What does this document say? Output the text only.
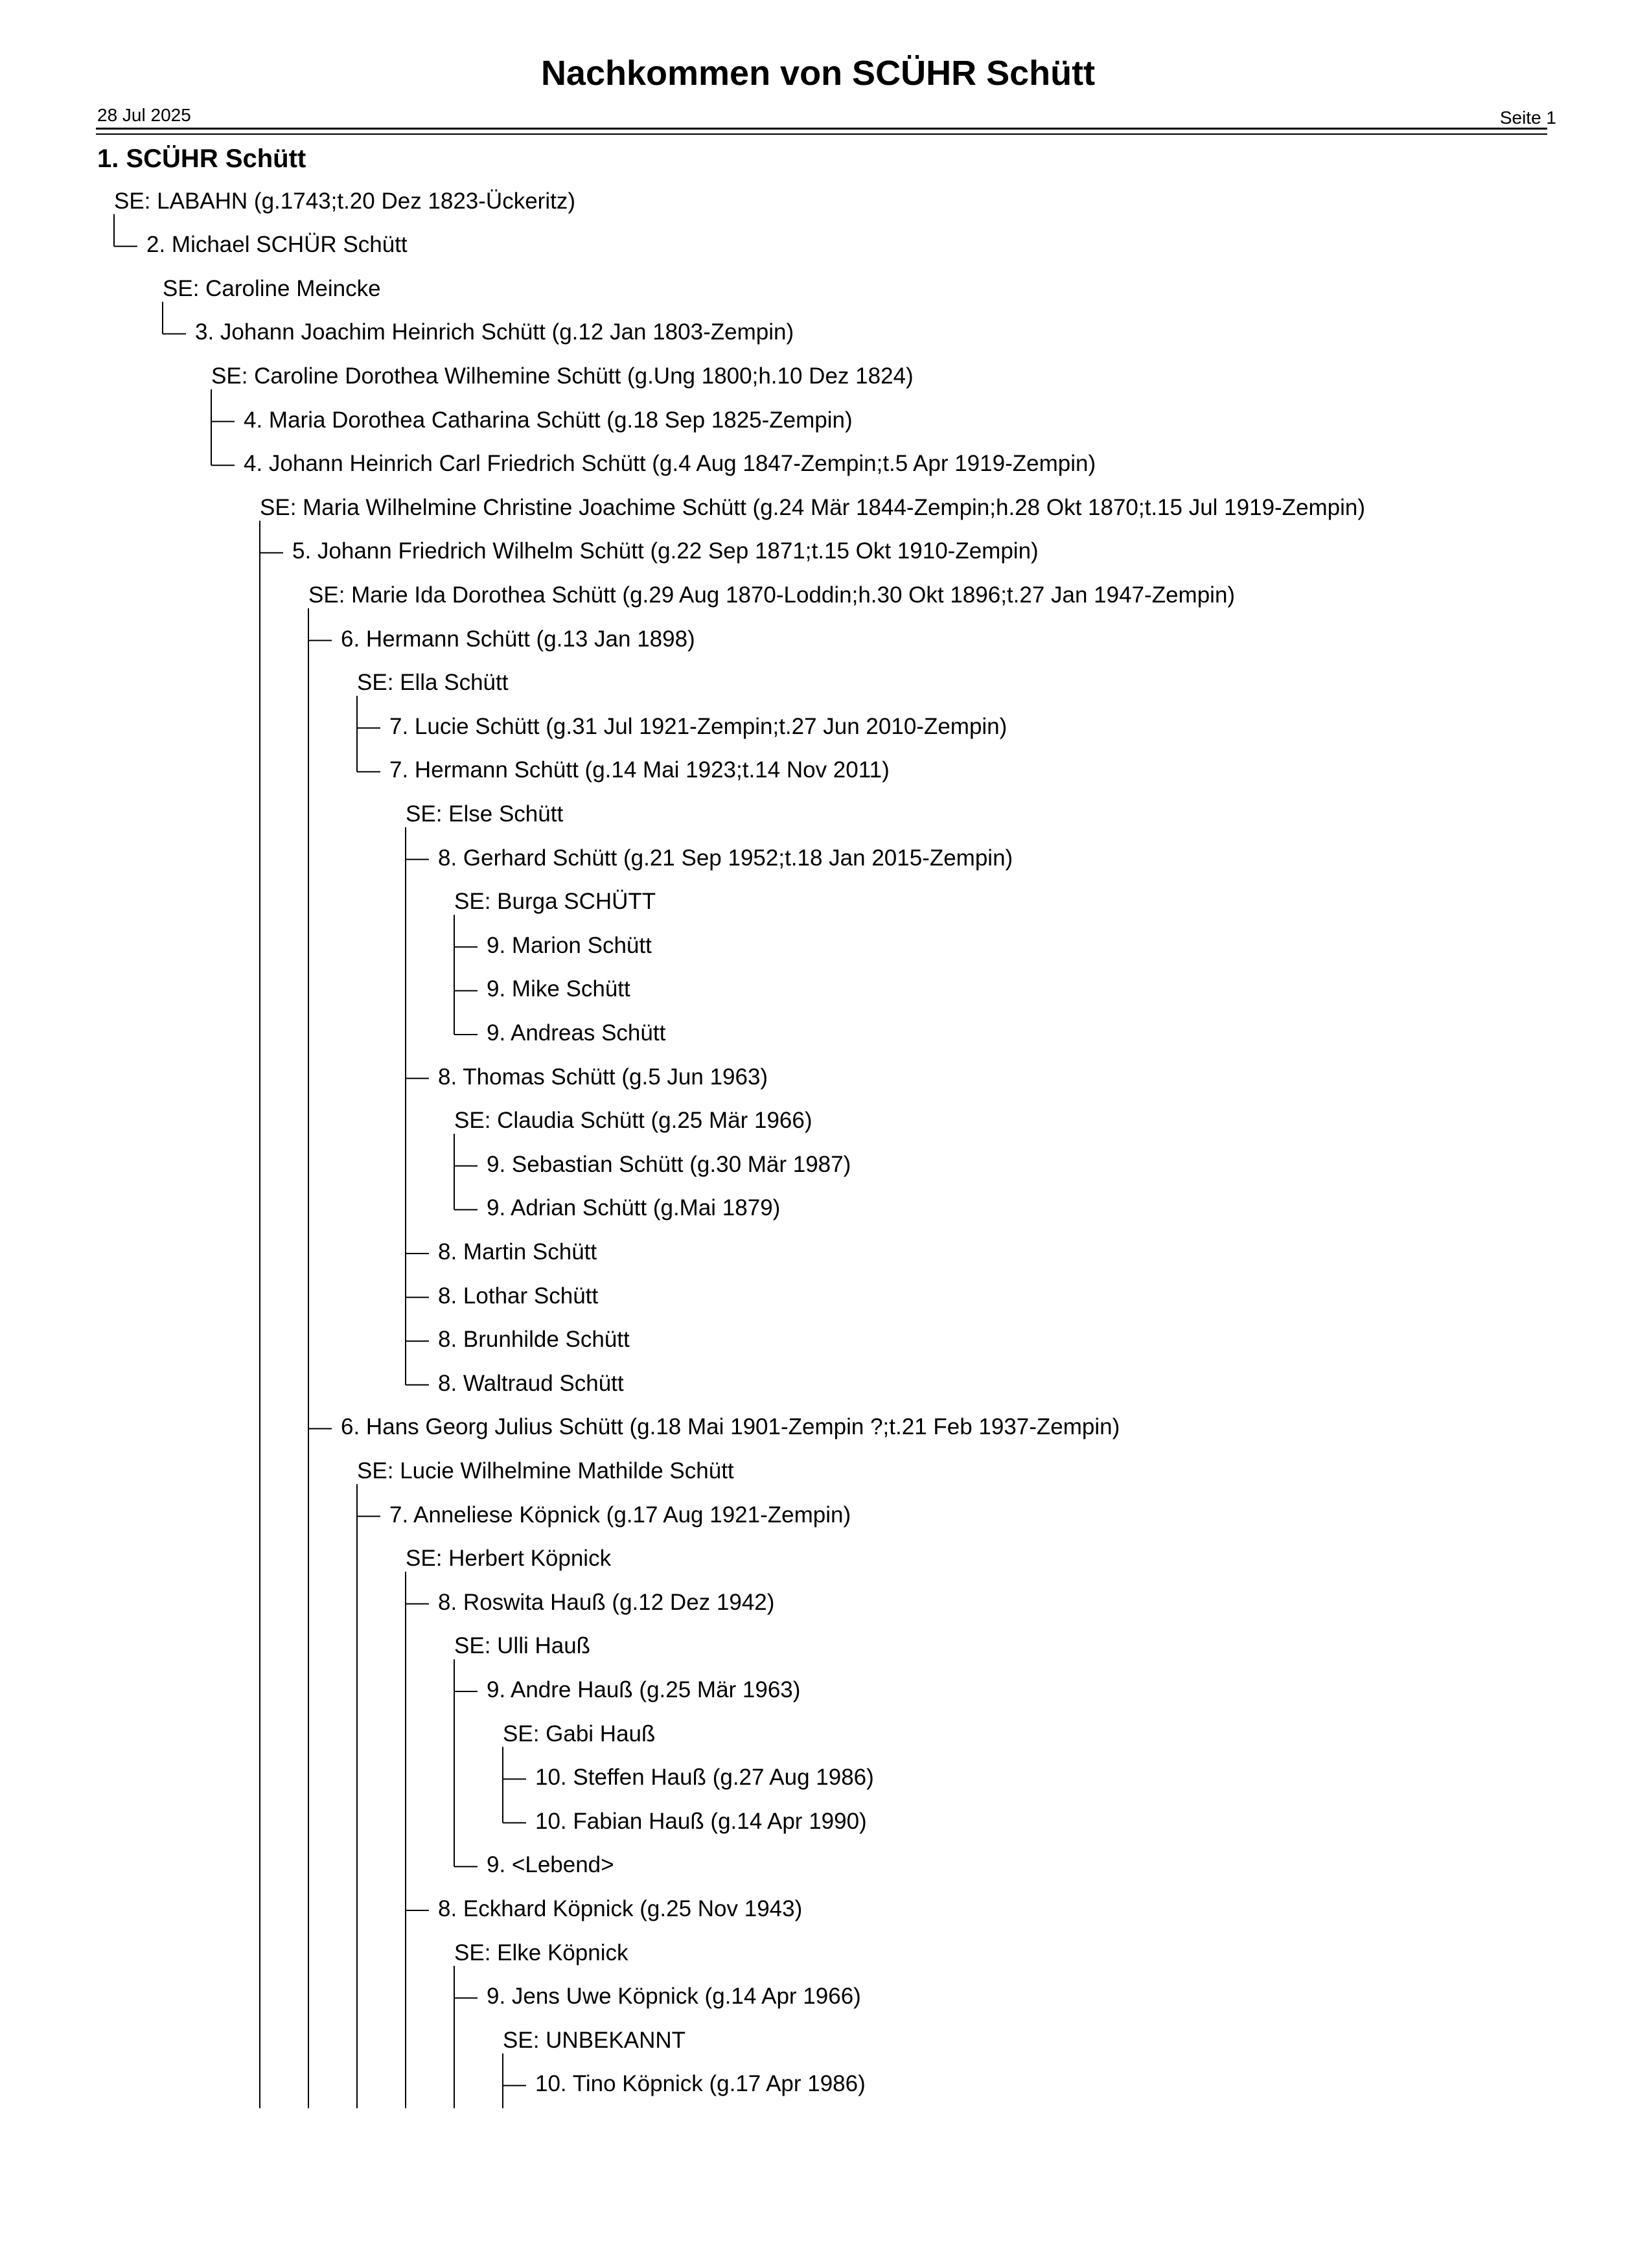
Nachkommen von SCÜHR Schütt
28 Jul 2025	Seite 1
1. SCÜHR Schütt
SE: LABAHN (g.1743;t.20 Dez 1823-Ückeritz)
2. Michael SCHÜR Schütt
SE: Caroline Meincke
3. Johann Joachim Heinrich Schütt (g.12 Jan 1803-Zempin)
SE: Caroline Dorothea Wilhemine Schütt (g.Ung 1800;h.10 Dez 1824)
4. Maria Dorothea Catharina Schütt (g.18 Sep 1825-Zempin)
4. Johann Heinrich Carl Friedrich Schütt (g.4 Aug 1847-Zempin;t.5 Apr 1919-Zempin)
SE: Maria Wilhelmine Christine Joachime Schütt (g.24 Mär 1844-Zempin;h.28 Okt 1870;t.15 Jul 1919-Zempin)
5. Johann Friedrich Wilhelm Schütt (g.22 Sep 1871;t.15 Okt 1910-Zempin)
SE: Marie Ida Dorothea Schütt (g.29 Aug 1870-Loddin;h.30 Okt 1896;t.27 Jan 1947-Zempin)
6. Hermann Schütt (g.13 Jan 1898)
SE: Ella Schütt
7. Lucie Schütt (g.31 Jul 1921-Zempin;t.27 Jun 2010-Zempin)
7. Hermann Schütt (g.14 Mai 1923;t.14 Nov 2011)
SE: Else Schütt
8. Gerhard Schütt (g.21 Sep 1952;t.18 Jan 2015-Zempin)
SE: Burga SCHÜTT
9. Marion Schütt
9. Mike Schütt
9. Andreas Schütt
8. Thomas Schütt (g.5 Jun 1963)
SE: Claudia Schütt (g.25 Mär 1966)
9. Sebastian Schütt (g.30 Mär 1987)
9. Adrian Schütt (g.Mai 1879)
8. Martin Schütt
8. Lothar Schütt
8. Brunhilde Schütt
8. Waltraud Schütt
6. Hans Georg Julius Schütt (g.18 Mai 1901-Zempin ?;t.21 Feb 1937-Zempin)
SE: Lucie Wilhelmine Mathilde Schütt
7. Anneliese Köpnick (g.17 Aug 1921-Zempin)
SE: Herbert Köpnick
8. Roswita Hauß (g.12 Dez 1942)
SE: Ulli Hauß
9. Andre Hauß (g.25 Mär 1963)
SE: Gabi Hauß
10. Steffen Hauß (g.27 Aug 1986)
10. Fabian Hauß (g.14 Apr 1990)
9. <Lebend>
8. Eckhard Köpnick (g.25 Nov 1943)
SE: Elke Köpnick
9. Jens Uwe Köpnick (g.14 Apr 1966)
SE: UNBEKANNT
10. Tino Köpnick (g.17 Apr 1986)
